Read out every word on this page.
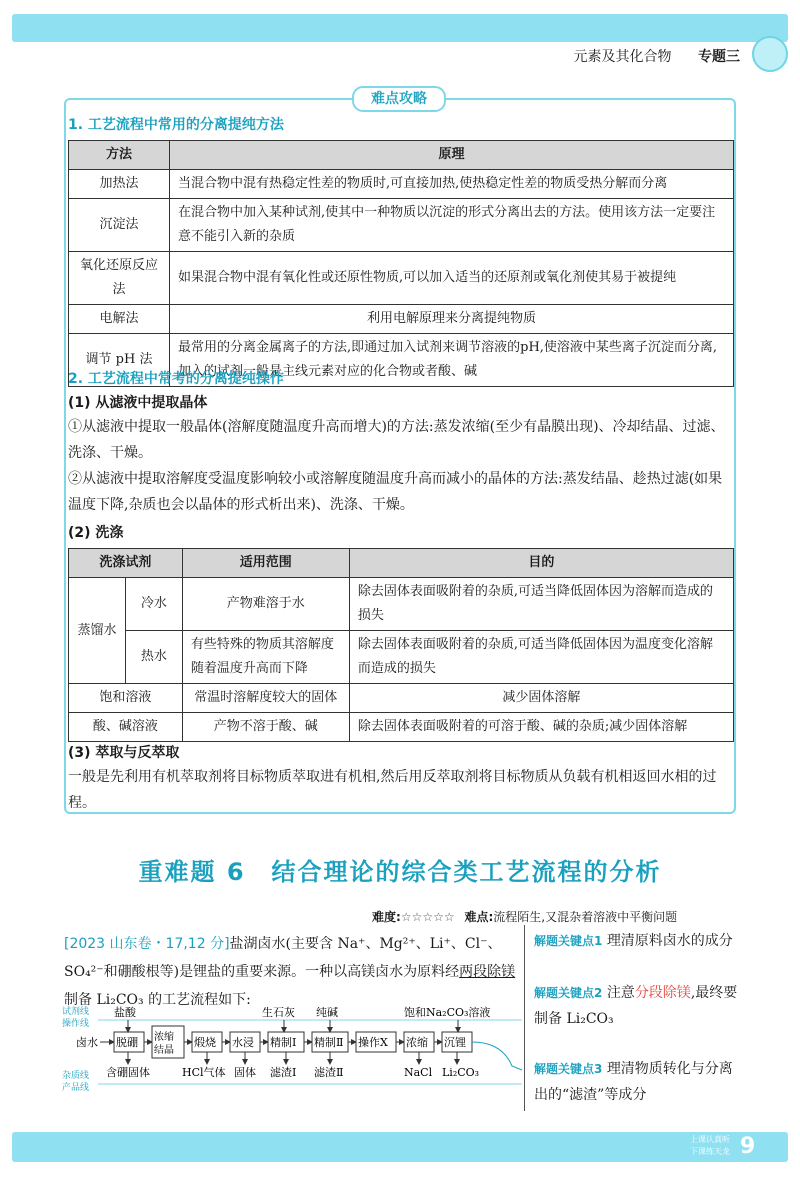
元素及其化合物 专题三
难点攻略
1. 工艺流程中常用的分离提纯方法
方法	原理
加热法	当混合物中混有热稳定性差的物质时,可直接加热,使热稳定性差的物质受热分解而分离
沉淀法	在混合物中加入某种试剂,使其中一种物质以沉淀的形式分离出去的方法。使用该方法一定要注意不能引入新的杂质
氧化还原反应法	如果混合物中混有氧化性或还原性物质,可以加入适当的还原剂或氧化剂使其易于被提纯
电解法	利用电解原理来分离提纯物质
调节 pH 法	最常用的分离金属离子的方法,即通过加入试剂来调节溶液的pH,使溶液中某些离子沉淀而分离,加入的试剂一般是主线元素对应的化合物或者酸、碱
2. 工艺流程中常考的分离提纯操作
(1) 从滤液中提取晶体
①从滤液中提取一般晶体(溶解度随温度升高而增大)的方法:蒸发浓缩(至少有晶膜出现)、冷却结晶、过滤、洗涤、干燥。
②从滤液中提取溶解度受温度影响较小或溶解度随温度升高而减小的晶体的方法:蒸发结晶、趁热过滤(如果温度下降,杂质也会以晶体的形式析出来)、洗涤、干燥。
(2) 洗涤
洗涤试剂		适用范围	目的
蒸馏水	冷水	产物难溶于水	除去固体表面吸附着的杂质,可适当降低固体因为溶解而造成的损失
	热水	有些特殊的物质其溶解度随着温度升高而下降	除去固体表面吸附着的杂质,可适当降低固体因为温度变化溶解而造成的损失
饱和溶液		常温时溶解度较大的固体	减少固体溶解
酸、碱溶液		产物不溶于酸、碱	除去固体表面吸附着的可溶于酸、碱的杂质;减少固体溶解
(3) 萃取与反萃取
一般是先利用有机萃取剂将目标物质萃取进有机相,然后用反萃取剂将目标物质从负载有机相返回水相的过程。
重难题 6　结合理论的综合类工艺流程的分析
难度:☆☆☆☆☆ 难点:流程陌生,又混杂着溶液中平衡问题
[2023 山东卷・17,12 分]盐湖卤水(主要含 Na⁺、Mg²⁺、Li⁺、Cl⁻、SO₄²⁻和硼酸根等)是锂盐的重要来源。一种以高镁卤水为原料经两段除镁制备 Li₂CO₃ 的工艺流程如下:
解题关键点1 理清原料卤水的成分
解题关键点2 注意分段除镁,最终要制备 Li₂CO₃
解题关键点3 理清物质转化与分离出的“滤渣”等成分
试剂线
操作线
杂质线
产品线
卤水 脱硼 浓缩结晶
煅烧 水浸 精制Ⅰ 精制Ⅱ 操作X 浓缩 沉锂
盐酸	生石灰 纯碱	饱和Na₂CO₃溶液
含硼固体	HCl气体 固体 滤渣Ⅰ 滤渣Ⅱ	NaCl Li₂CO₃
上课认真听 下课练天龙 9
